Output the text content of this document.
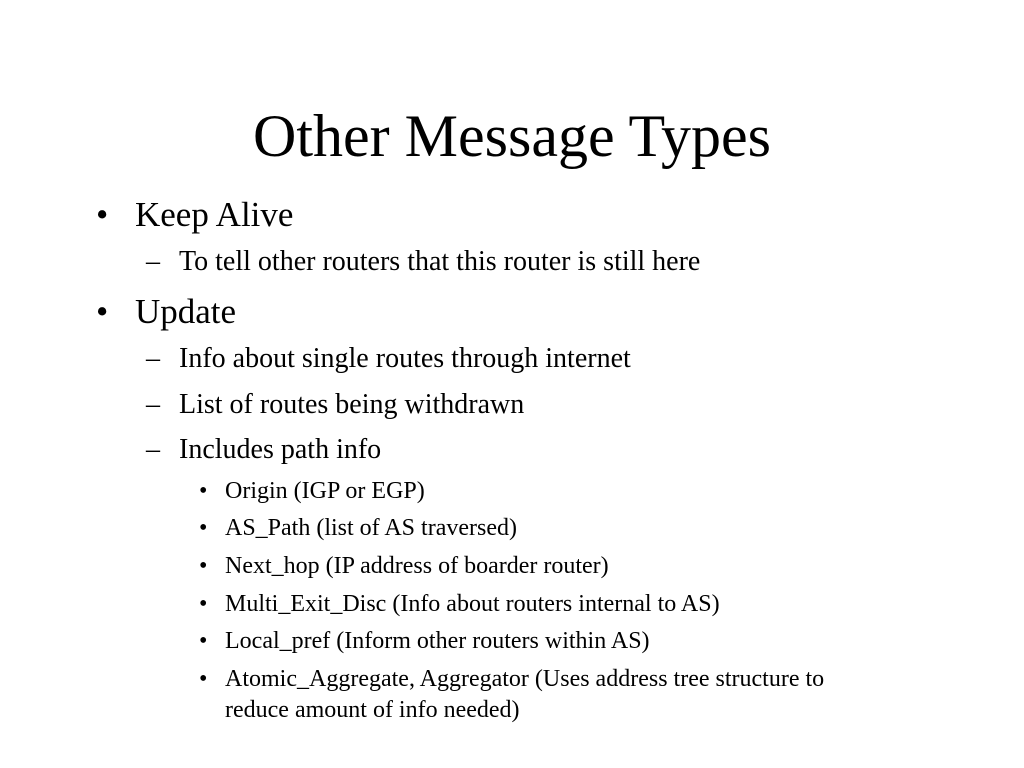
Other Message Types
• Keep Alive
– To tell other routers that this router is still here
• Update
– Info about single routes through internet
– List of routes being withdrawn
– Includes path info
• Origin (IGP or EGP)
• AS_Path (list of AS traversed)
• Next_hop (IP address of boarder router)
• Multi_Exit_Disc (Info about routers internal to AS)
• Local_pref (Inform other routers within AS)
• Atomic_Aggregate, Aggregator (Uses address tree structure to
reduce amount of info needed)
